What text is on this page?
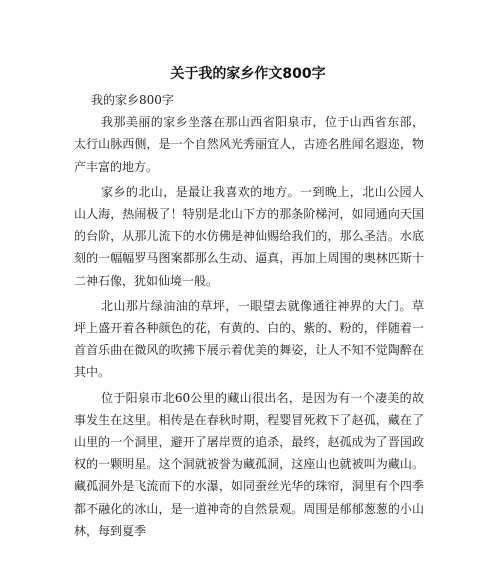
关于我的家乡作文800字

我的家乡800字

我那美丽的家乡坐落在那山西省阳泉市，位于山西省东部，太行山脉西侧，是一个自然风光秀丽宜人，古迹名胜闻名遐迩，物产丰富的地方。

家乡的北山，是最让我喜欢的地方。一到晚上，北山公园人山人海，热闹极了！特别是北山下方的那条阶梯河，如同通向天国的台阶，从那儿流下的水仿佛是神仙赐给我们的，那么圣洁。水底刻的一幅幅罗马图案都那么生动、逼真，再加上周围的奥林匹斯十二神石像，犹如仙境一般。

北山那片绿油油的草坪，一眼望去就像通往神界的大门。草坪上盛开着各种颜色的花，有黄的、白的、紫的、粉的，伴随着一首首乐曲在微风的吹拂下展示着优美的舞姿，让人不知不觉陶醉在其中。

位于阳泉市北60公里的藏山很出名，是因为有一个凄美的故事发生在这里。相传是在春秋时期，程婴冒死救下了赵孤，藏在了山里的一个洞里，避开了屠岸贾的追杀，最终，赵孤成为了晋国政权的一颗明星。这个洞就被誉为藏孤洞，这座山也就被叫为藏山。藏孤洞外是飞流而下的水瀑，如同蚕丝光华的珠帘，洞里有个四季都不融化的冰山，是一道神奇的自然景观。周围是郁郁葱葱的小山林，每到夏季
